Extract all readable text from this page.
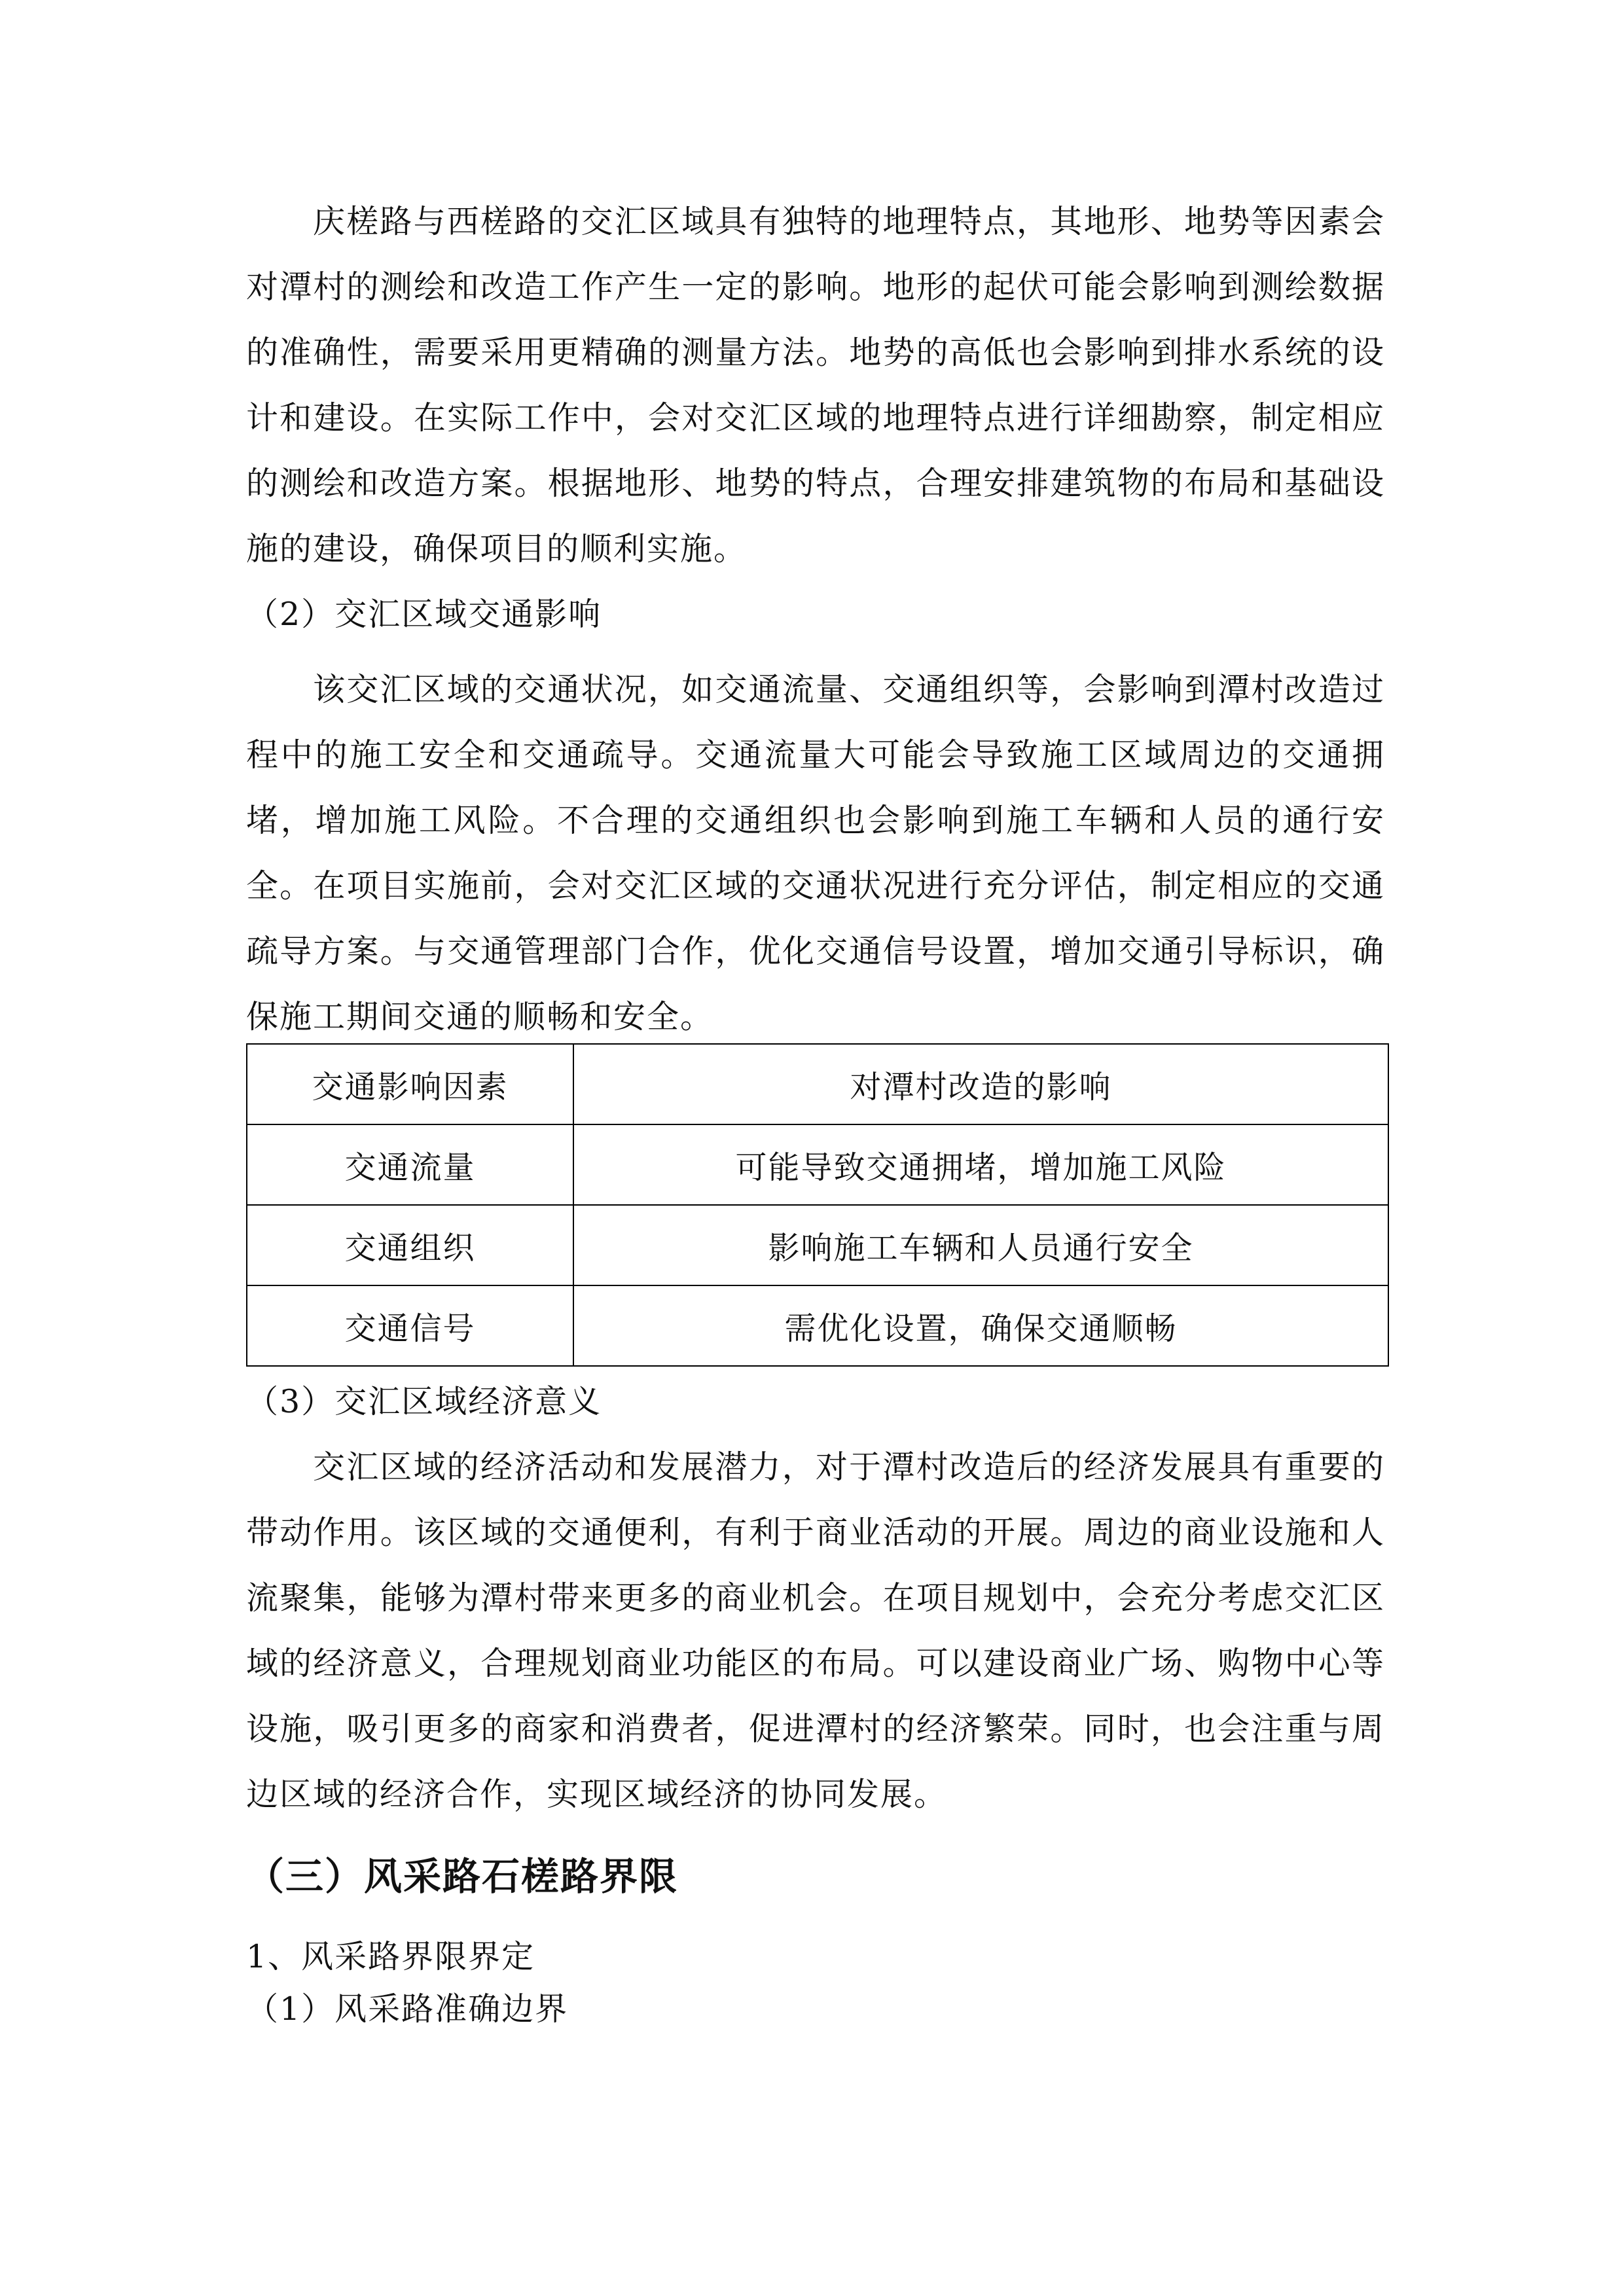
庆槎路与西槎路的交汇区域具有独特的地理特点，其地形、地势等因素会对潭村的测绘和改造工作产生一定的影响。地形的起伏可能会影响到测绘数据的准确性，需要采用更精确的测量方法。地势的高低也会影响到排水系统的设计和建设。在实际工作中，会对交汇区域的地理特点进行详细勘察，制定相应的测绘和改造方案。根据地形、地势的特点，合理安排建筑物的布局和基础设施的建设，确保项目的顺利实施。

（2）交汇区域交通影响

该交汇区域的交通状况，如交通流量、交通组织等，会影响到潭村改造过程中的施工安全和交通疏导。交通流量大可能会导致施工区域周边的交通拥堵，增加施工风险。不合理的交通组织也会影响到施工车辆和人员的通行安全。在项目实施前，会对交汇区域的交通状况进行充分评估，制定相应的交通疏导方案。与交通管理部门合作，优化交通信号设置，增加交通引导标识，确保施工期间交通的顺畅和安全。

交通影响因素	对潭村改造的影响
交通流量	可能导致交通拥堵，增加施工风险
交通组织	影响施工车辆和人员通行安全
交通信号	需优化设置，确保交通顺畅

（3）交汇区域经济意义

交汇区域的经济活动和发展潜力，对于潭村改造后的经济发展具有重要的带动作用。该区域的交通便利，有利于商业活动的开展。周边的商业设施和人流聚集，能够为潭村带来更多的商业机会。在项目规划中，会充分考虑交汇区域的经济意义，合理规划商业功能区的布局。可以建设商业广场、购物中心等设施，吸引更多的商家和消费者，促进潭村的经济繁荣。同时，也会注重与周边区域的经济合作，实现区域经济的协同发展。

（三）风采路石槎路界限

1、风采路界限界定

（1）风采路准确边界
